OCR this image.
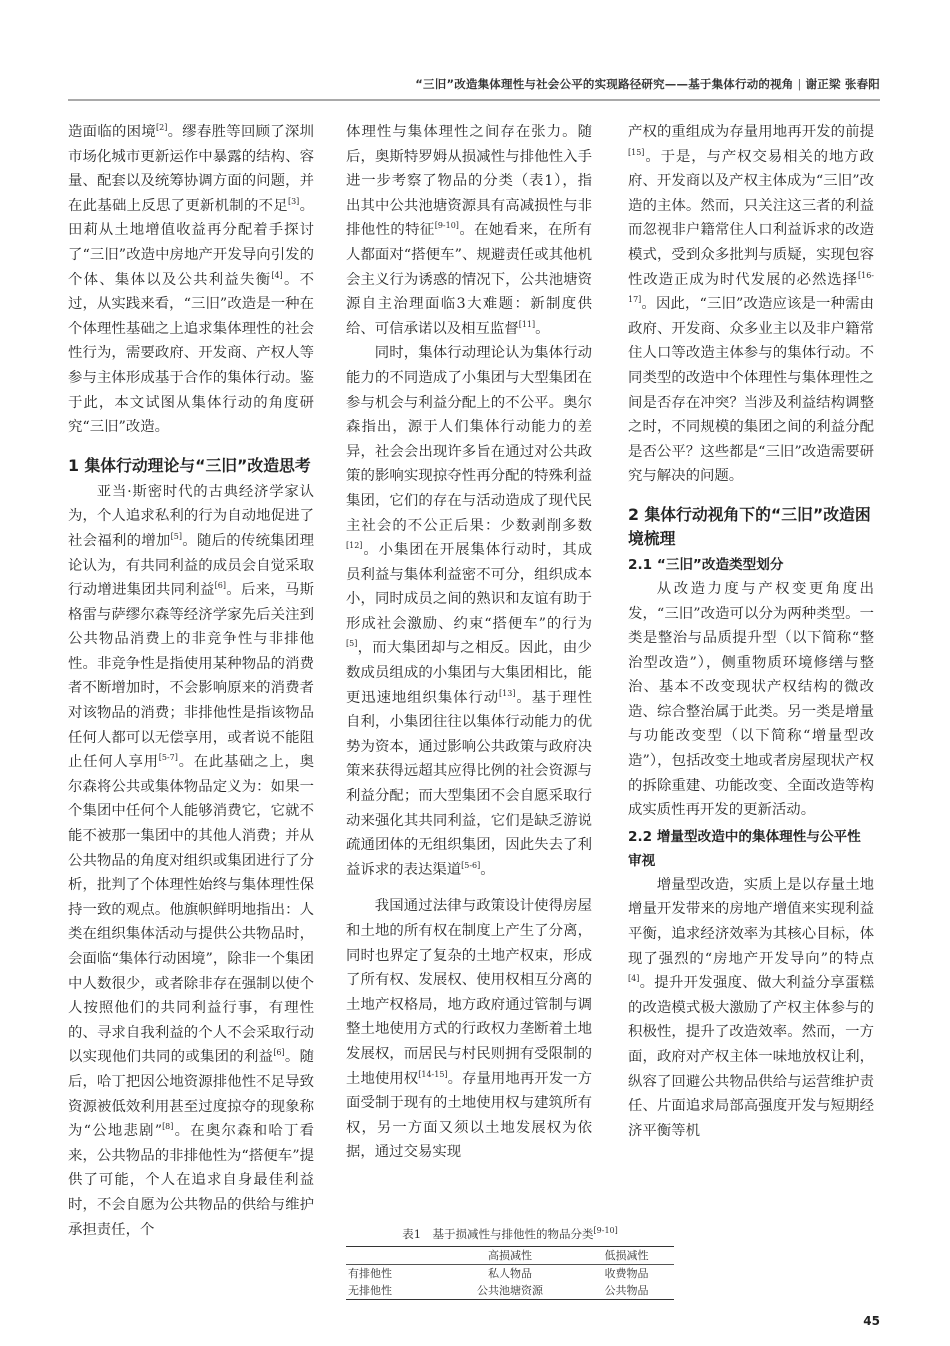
“三旧”改造集体理性与社会公平的实现路径研究——基于集体行动的视角 | 谢正梁 张春阳

造面临的困境[2]。缪春胜等回顾了深圳市场化城市更新运作中暴露的结构、容量、配套以及统筹协调方面的问题，并在此基础上反思了更新机制的不足[3]。田莉从土地增值收益再分配着手探讨了“三旧”改造中房地产开发导向引发的个体、集体以及公共利益失衡[4]。不过，从实践来看，“三旧”改造是一种在个体理性基础之上追求集体理性的社会性行为，需要政府、开发商、产权人等参与主体形成基于合作的集体行动。鉴于此，本文试图从集体行动的角度研究“三旧”改造。

1 集体行动理论与“三旧”改造思考

亚当·斯密时代的古典经济学家认为，个人追求私利的行为自动地促进了社会福利的增加[5]。随后的传统集团理论认为，有共同利益的成员会自觉采取行动增进集团共同利益[6]。后来，马斯格雷与萨缪尔森等经济学家先后关注到公共物品消费上的非竞争性与非排他性。非竞争性是指使用某种物品的消费者不断增加时，不会影响原来的消费者对该物品的消费；非排他性是指该物品任何人都可以无偿享用，或者说不能阻止任何人享用[5-7]。在此基础之上，奥尔森将公共或集体物品定义为：如果一个集团中任何个人能够消费它，它就不能不被那一集团中的其他人消费；并从公共物品的角度对组织或集团进行了分析，批判了个体理性始终与集体理性保持一致的观点。他旗帜鲜明地指出：人类在组织集体活动与提供公共物品时，会面临“集体行动困境”，除非一个集团中人数很少，或者除非存在强制以使个人按照他们的共同利益行事，有理性的、寻求自我利益的个人不会采取行动以实现他们共同的或集团的利益[6]。随后，哈丁把因公地资源排他性不足导致资源被低效利用甚至过度掠夺的现象称为“公地悲剧”[8]。在奥尔森和哈丁看来，公共物品的非排他性为“搭便车”提供了可能，个人在追求自身最佳利益时，不会自愿为公共物品的供给与维护承担责任，个

体理性与集体理性之间存在张力。随后，奥斯特罗姆从损减性与排他性入手进一步考察了物品的分类（表1），指出其中公共池塘资源具有高减损性与非排他性的特征[9-10]。在她看来，在所有人都面对“搭便车”、规避责任或其他机会主义行为诱惑的情况下，公共池塘资源自主治理面临3大难题：新制度供给、可信承诺以及相互监督[11]。

同时，集体行动理论认为集体行动能力的不同造成了小集团与大型集团在参与机会与利益分配上的不公平。奥尔森指出，源于人们集体行动能力的差异，社会会出现许多旨在通过对公共政策的影响实现掠夺性再分配的特殊利益集团，它们的存在与活动造成了现代民主社会的不公正后果：少数剥削多数[12]。小集团在开展集体行动时，其成员利益与集体利益密不可分，组织成本小，同时成员之间的熟识和友谊有助于形成社会激励、约束“搭便车”的行为[5]，而大集团却与之相反。因此，由少数成员组成的小集团与大集团相比，能更迅速地组织集体行动[13]。基于理性自利，小集团往往以集体行动能力的优势为资本，通过影响公共政策与政府决策来获得远超其应得比例的社会资源与利益分配；而大型集团不会自愿采取行动来强化其共同利益，它们是缺乏游说疏通团体的无组织集团，因此失去了利益诉求的表达渠道[5-6]。

我国通过法律与政策设计使得房屋和土地的所有权在制度上产生了分离，同时也界定了复杂的土地产权束，形成了所有权、发展权、使用权相互分离的土地产权格局，地方政府通过管制与调整土地使用方式的行政权力垄断着土地发展权，而居民与村民则拥有受限制的土地使用权[14-15]。存量用地再开发一方面受制于现有的土地使用权与建筑所有权，另一方面又须以土地发展权为依据，通过交易实现

产权的重组成为存量用地再开发的前提[15]。于是，与产权交易相关的地方政府、开发商以及产权主体成为“三旧”改造的主体。然而，只关注这三者的利益而忽视非户籍常住人口利益诉求的改造模式，受到众多批判与质疑，实现包容性改造正成为时代发展的必然选择[16-17]。因此，“三旧”改造应该是一种需由政府、开发商、众多业主以及非户籍常住人口等改造主体参与的集体行动。不同类型的改造中个体理性与集体理性之间是否存在冲突？当涉及利益结构调整之时，不同规模的集团之间的利益分配是否公平？这些都是“三旧”改造需要研究与解决的问题。

2 集体行动视角下的“三旧”改造困境梳理
2.1 “三旧”改造类型划分

从改造力度与产权变更角度出发，“三旧”改造可以分为两种类型。一类是整治与品质提升型（以下简称“整治型改造”），侧重物质环境修缮与整治、基本不改变现状产权结构的微改造、综合整治属于此类。另一类是增量与功能改变型（以下简称“增量型改造”），包括改变土地或者房屋现状产权的拆除重建、功能改变、全面改造等构成实质性再开发的更新活动。

2.2 增量型改造中的集体理性与公平性审视

增量型改造，实质上是以存量土地增量开发带来的房地产增值来实现利益平衡，追求经济效率为其核心目标，体现了强烈的“房地产开发导向”的特点[4]。提升开发强度、做大利益分享蛋糕的改造模式极大激励了产权主体参与的积极性，提升了改造效率。然而，一方面，政府对产权主体一味地放权让利，纵容了回避公共物品供给与运营维护责任、片面追求局部高强度开发与短期经济平衡等机

表1　基于损减性与排他性的物品分类[9-10]
	高损减性	低损减性
有排他性	私人物品	收费物品
无排他性	公共池塘资源	公共物品
45
